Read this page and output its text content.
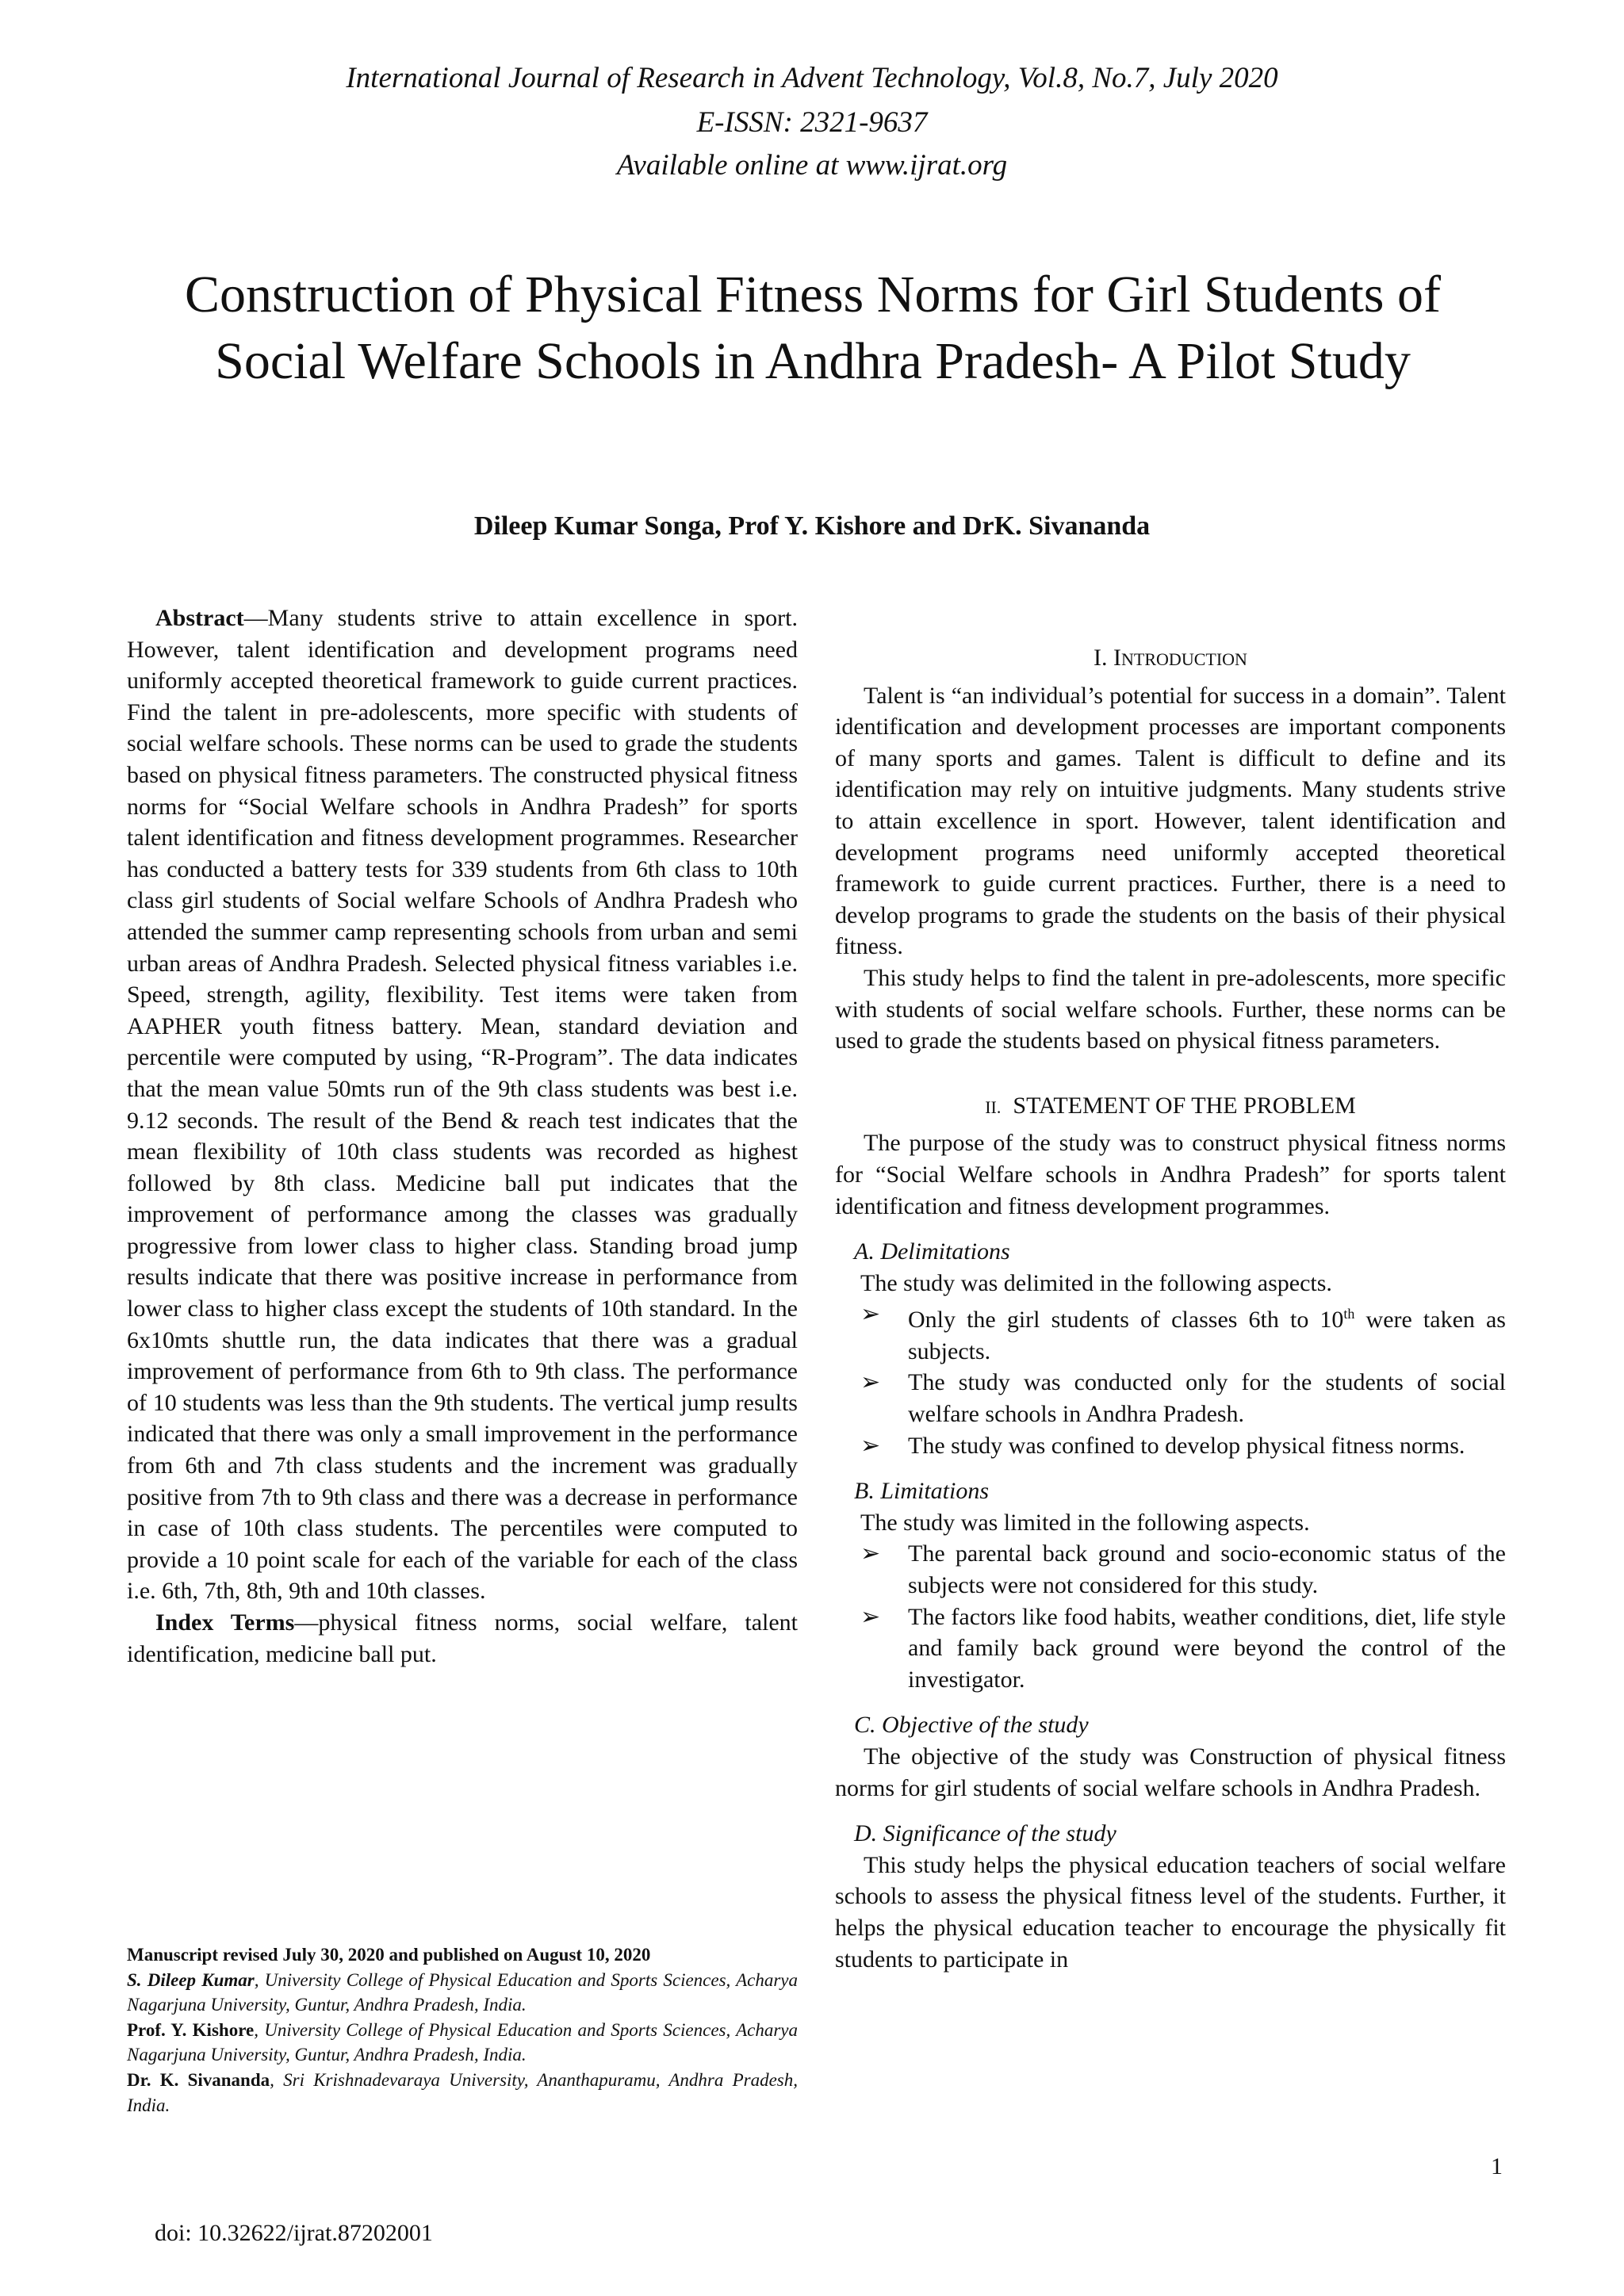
International Journal of Research in Advent Technology, Vol.8, No.7, July 2020
E-ISSN: 2321-9637
Available online at www.ijrat.org
Construction of Physical Fitness Norms for Girl Students of Social Welfare Schools in Andhra Pradesh- A Pilot Study
Dileep Kumar Songa, Prof Y. Kishore and DrK. Sivananda

Abstract—Many students strive to attain excellence in sport. However, talent identification and development programs need uniformly accepted theoretical framework to guide current practices. Find the talent in pre-adolescents, more specific with students of social welfare schools. These norms can be used to grade the students based on physical fitness parameters. The constructed physical fitness norms for “Social Welfare schools in Andhra Pradesh” for sports talent identification and fitness development programmes. Researcher has conducted a battery tests for 339 students from 6th class to 10th class girl students of Social welfare Schools of Andhra Pradesh who attended the summer camp representing schools from urban and semi urban areas of Andhra Pradesh. Selected physical fitness variables i.e. Speed, strength, agility, flexibility. Test items were taken from AAPHER youth fitness battery. Mean, standard deviation and percentile were computed by using, “R-Program”. The data indicates that the mean value 50mts run of the 9th class students was best i.e. 9.12 seconds. The result of the Bend & reach test indicates that the mean flexibility of 10th class students was recorded as highest followed by 8th class. Medicine ball put indicates that the improvement of performance among the classes was gradually progressive from lower class to higher class. Standing broad jump results indicate that there was positive increase in performance from lower class to higher class except the students of 10th standard. In the 6x10mts shuttle run, the data indicates that there was a gradual improvement of performance from 6th to 9th class. The performance of 10 students was less than the 9th students. The vertical jump results indicated that there was only a small improvement in the performance from 6th and 7th class students and the increment was gradually positive from 7th to 9th class and there was a decrease in performance in case of 10th class students. The percentiles were computed to provide a 10 point scale for each of the variable for each of the class i.e. 6th, 7th, 8th, 9th and 10th classes.

Index Terms—physical fitness norms, social welfare, talent identification, medicine ball put.

Manuscript revised July 30, 2020 and published on August 10, 2020
S. Dileep Kumar, University College of Physical Education and Sports Sciences, Acharya Nagarjuna University, Guntur, Andhra Pradesh, India.
Prof. Y. Kishore, University College of Physical Education and Sports Sciences, Acharya Nagarjuna University, Guntur, Andhra Pradesh, India.
Dr. K. Sivananda, Sri Krishnadevaraya University, Ananthapuramu, Andhra Pradesh, India.
I. INTRODUCTION

Talent is “an individual’s potential for success in a domain”. Talent identification and development processes are important components of many sports and games. Talent is difficult to define and its identification may rely on intuitive judgments. Many students strive to attain excellence in sport. However, talent identification and development programs need uniformly accepted theoretical framework to guide current practices. Further, there is a need to develop programs to grade the students on the basis of their physical fitness.

This study helps to find the talent in pre-adolescents, more specific with students of social welfare schools. Further, these norms can be used to grade the students based on physical fitness parameters.

II. STATEMENT OF THE PROBLEM

The purpose of the study was to construct physical fitness norms for “Social Welfare schools in Andhra Pradesh” for sports talent identification and fitness development programmes.

A. Delimitations

The study was delimited in the following aspects.

➢	Only the girl students of classes 6th to 10th were taken as subjects.
➢	The study was conducted only for the students of social welfare schools in Andhra Pradesh.
➢	The study was confined to develop physical fitness norms.
B. Limitations

The study was limited in the following aspects.

➢	The parental back ground and socio-economic status of the subjects were not considered for this study.
➢	The factors like food habits, weather conditions, diet, life style and family back ground were beyond the control of the investigator.
C. Objective of the study

The objective of the study was Construction of physical fitness norms for girl students of social welfare schools in Andhra Pradesh.

D. Significance of the study

This study helps the physical education teachers of social welfare schools to assess the physical fitness level of the students. Further, it helps the physical education teacher to encourage the physically fit students to participate in

1
doi: 10.32622/ijrat.87202001
